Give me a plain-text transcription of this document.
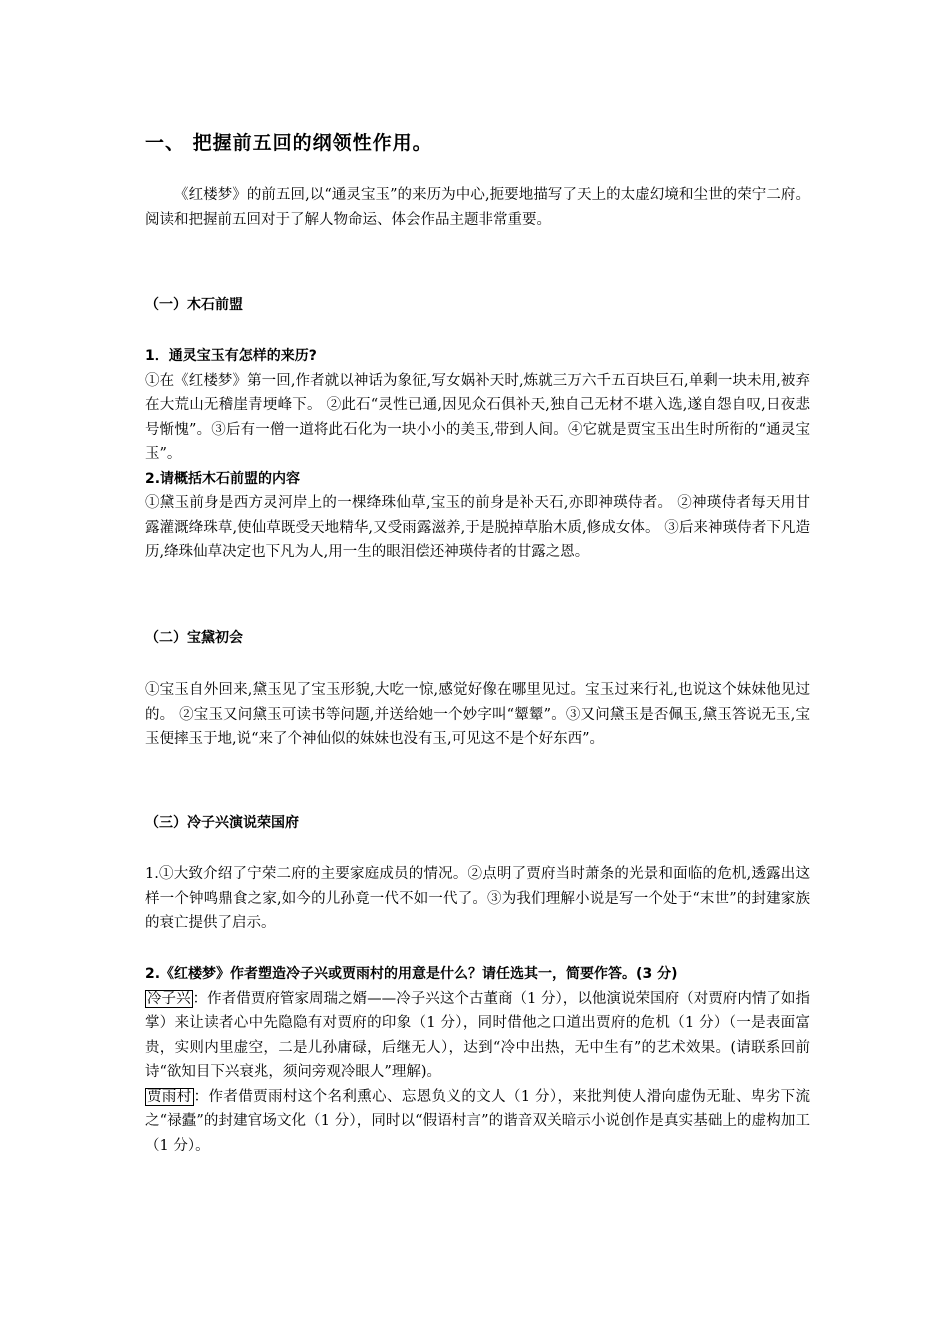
一、 把握前五回的纲领性作用。

《红楼梦》的前五回,以“通灵宝玉”的来历为中心,扼要地描写了天上的太虚幻境和尘世的荣宁二府。阅读和把握前五回对于了解人物命运、体会作品主题非常重要。

（一）木石前盟

1．通灵宝玉有怎样的来历?

①在《红楼梦》第一回,作者就以神话为象征,写女娲补天时,炼就三万六千五百块巨石,单剩一块未用,被弃在大荒山无稽崖青埂峰下。 ②此石“灵性已通,因见众石俱补天,独自己无材不堪入选,遂自怨自叹,日夜悲号惭愧”。③后有一僧一道将此石化为一块小小的美玉,带到人间。④它就是贾宝玉出生时所衔的“通灵宝玉”。

2.请概括木石前盟的内容

①黛玉前身是西方灵河岸上的一棵绛珠仙草,宝玉的前身是补天石,亦即神瑛侍者。 ②神瑛侍者每天用甘露灌溉绛珠草,使仙草既受天地精华,又受雨露滋养,于是脱掉草胎木质,修成女体。 ③后来神瑛侍者下凡造历,绛珠仙草决定也下凡为人,用一生的眼泪偿还神瑛侍者的甘露之恩。

（二）宝黛初会

①宝玉自外回来,黛玉见了宝玉形貌,大吃一惊,感觉好像在哪里见过。宝玉过来行礼,也说这个妹妹他见过的。 ②宝玉又问黛玉可读书等问题,并送给她一个妙字叫“颦颦”。③又问黛玉是否佩玉,黛玉答说无玉,宝玉便摔玉于地,说“来了个神仙似的妹妹也没有玉,可见这不是个好东西”。

（三）冷子兴演说荣国府

1.①大致介绍了宁荣二府的主要家庭成员的情况。②点明了贾府当时萧条的光景和面临的危机,透露出这样一个钟鸣鼎食之家,如今的儿孙竟一代不如一代了。③为我们理解小说是写一个处于“末世”的封建家族的衰亡提供了启示。

2.《红楼梦》作者塑造冷子兴或贾雨村的用意是什么？请任选其一，简要作答。(3 分)

冷子兴 ：作者借贾府管家周瑞之婿——冷子兴这个古董商（1 分），以他演说荣国府（对贾府内情了如指掌）来让读者心中先隐隐有对贾府的印象（1 分），同时借他之口道出贾府的危机（1 分）（一是表面富贵，实则内里虚空，二是儿孙庸碌，后继无人），达到“冷中出热，无中生有”的艺术效果。(请联系回前诗“欲知目下兴衰兆，须问旁观冷眼人”理解)。

贾雨村 ：作者借贾雨村这个名利熏心、忘恩负义的文人（1 分），来批判使人滑向虚伪无耻、卑劣下流之“禄蠹”的封建官场文化（1 分），同时以“假语村言”的谐音双关暗示小说创作是真实基础上的虚构加工（1 分）。
